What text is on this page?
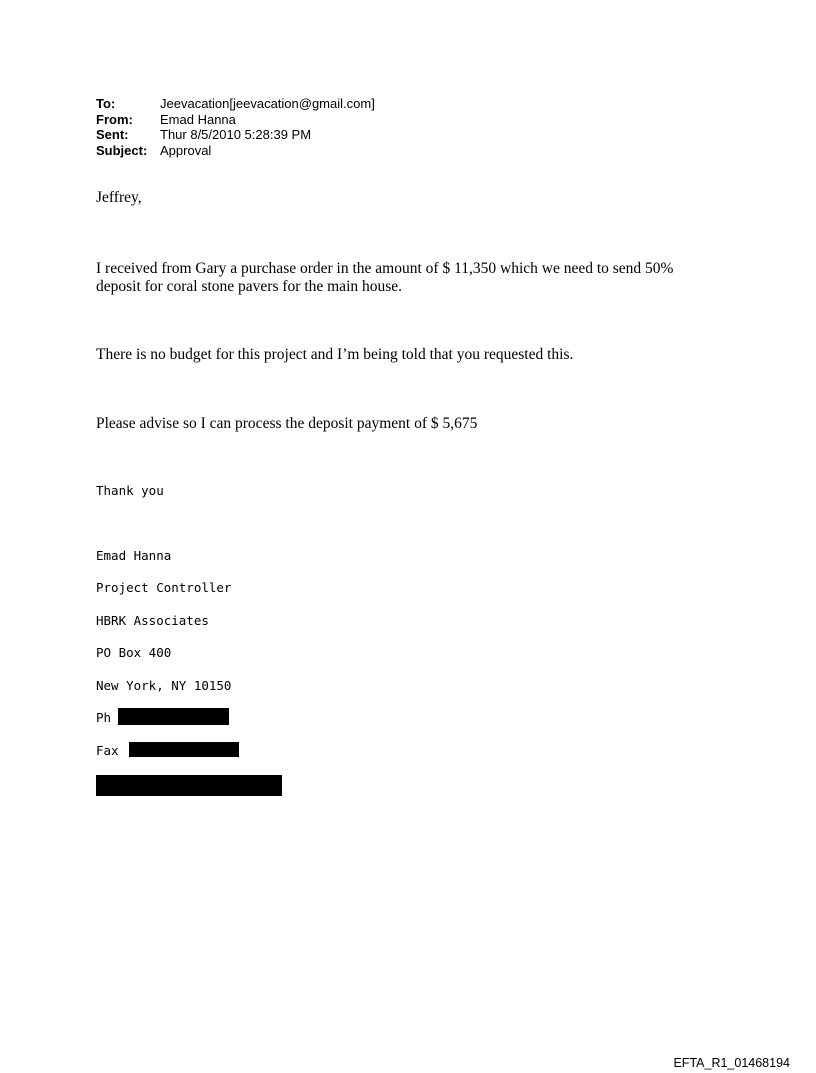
To:	Jeevacation[jeevacation@gmail.com]
From:	Emad Hanna
Sent:	Thur 8/5/2010 5:28:39 PM
Subject: Approval
Jeffrey,
I received from Gary a purchase order in the amount of $ 11,350 which we need to send 50%
deposit for coral stone pavers for the main house.
There is no budget for this project and I’m being told that you requested this.
Please advise so I can process the deposit payment of $ 5,675
Thank you
Emad Hanna
Project Controller
HBRK Associates
PO Box 400
New York, NY 10150
Ph
Fax
EFTA_R1_01468194
